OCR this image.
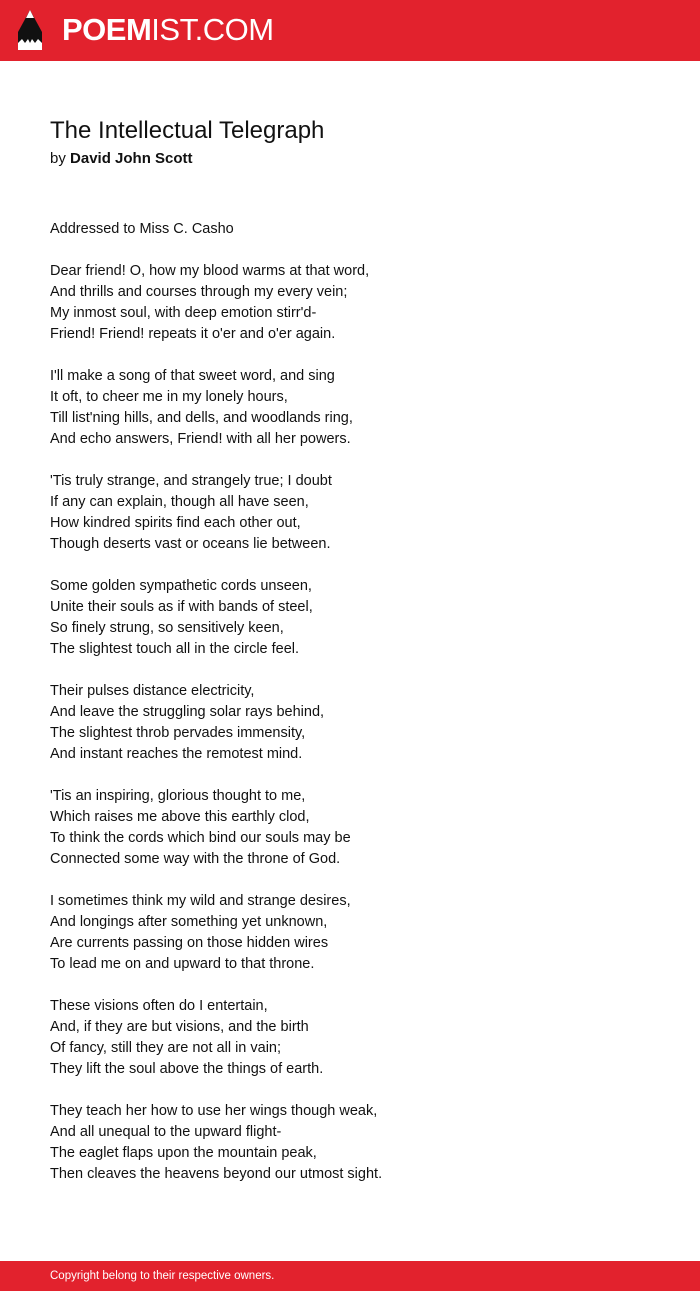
POEMIST.COM
The Intellectual Telegraph
by David John Scott
Addressed to Miss C. Casho
Dear friend! O, how my blood warms at that word,
And thrills and courses through my every vein;
My inmost soul, with deep emotion stirr'd-
Friend! Friend! repeats it o'er and o'er again.
I'll make a song of that sweet word, and sing
It oft, to cheer me in my lonely hours,
Till list'ning hills, and dells, and woodlands ring,
And echo answers, Friend! with all her powers.
'Tis truly strange, and strangely true; I doubt
If any can explain, though all have seen,
How kindred spirits find each other out,
Though deserts vast or oceans lie between.
Some golden sympathetic cords unseen,
Unite their souls as if with bands of steel,
So finely strung, so sensitively keen,
The slightest touch all in the circle feel.
Their pulses distance electricity,
And leave the struggling solar rays behind,
The slightest throb pervades immensity,
And instant reaches the remotest mind.
'Tis an inspiring, glorious thought to me,
Which raises me above this earthly clod,
To think the cords which bind our souls may be
Connected some way with the throne of God.
I sometimes think my wild and strange desires,
And longings after something yet unknown,
Are currents passing on those hidden wires
To lead me on and upward to that throne.
These visions often do I entertain,
And, if they are but visions, and the birth
Of fancy, still they are not all in vain;
They lift the soul above the things of earth.
They teach her how to use her wings though weak,
And all unequal to the upward flight-
The eaglet flaps upon the mountain peak,
Then cleaves the heavens beyond our utmost sight.
Copyright belong to their respective owners.
